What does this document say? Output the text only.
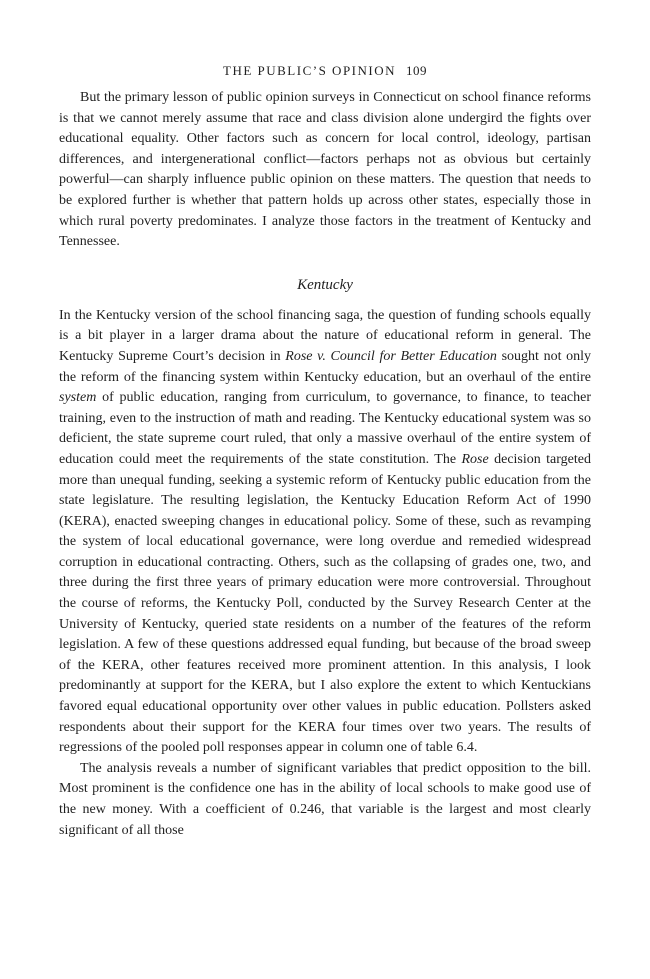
THE PUBLIC’S OPINION 109

But the primary lesson of public opinion surveys in Connecticut on school finance reforms is that we cannot merely assume that race and class division alone undergird the fights over educational equality. Other factors such as concern for local control, ideology, partisan differences, and intergenerational conflict—factors perhaps not as obvious but certainly powerful—can sharply influence public opinion on these matters. The question that needs to be explored further is whether that pattern holds up across other states, especially those in which rural poverty predominates. I analyze those factors in the treatment of Kentucky and Tennessee.

Kentucky

In the Kentucky version of the school financing saga, the question of funding schools equally is a bit player in a larger drama about the nature of educational reform in general. The Kentucky Supreme Court’s decision in Rose v. Council for Better Education sought not only the reform of the financing system within Kentucky education, but an overhaul of the entire system of public education, ranging from curriculum, to governance, to finance, to teacher training, even to the instruction of math and reading. The Kentucky educational system was so deficient, the state supreme court ruled, that only a massive overhaul of the entire system of education could meet the requirements of the state constitution. The Rose decision targeted more than unequal funding, seeking a systemic reform of Kentucky public education from the state legislature. The resulting legislation, the Kentucky Education Reform Act of 1990 (KERA), enacted sweeping changes in educational policy. Some of these, such as revamping the system of local educational governance, were long overdue and remedied widespread corruption in educational contracting. Others, such as the collapsing of grades one, two, and three during the first three years of primary education were more controversial. Throughout the course of reforms, the Kentucky Poll, conducted by the Survey Research Center at the University of Kentucky, queried state residents on a number of the features of the reform legislation. A few of these questions addressed equal funding, but because of the broad sweep of the KERA, other features received more prominent attention. In this analysis, I look predominantly at support for the KERA, but I also explore the extent to which Kentuckians favored equal educational opportunity over other values in public education. Pollsters asked respondents about their support for the KERA four times over two years. The results of regressions of the pooled poll responses appear in column one of table 6.4.

The analysis reveals a number of significant variables that predict opposition to the bill. Most prominent is the confidence one has in the ability of local schools to make good use of the new money. With a coefficient of 0.246, that variable is the largest and most clearly significant of all those
